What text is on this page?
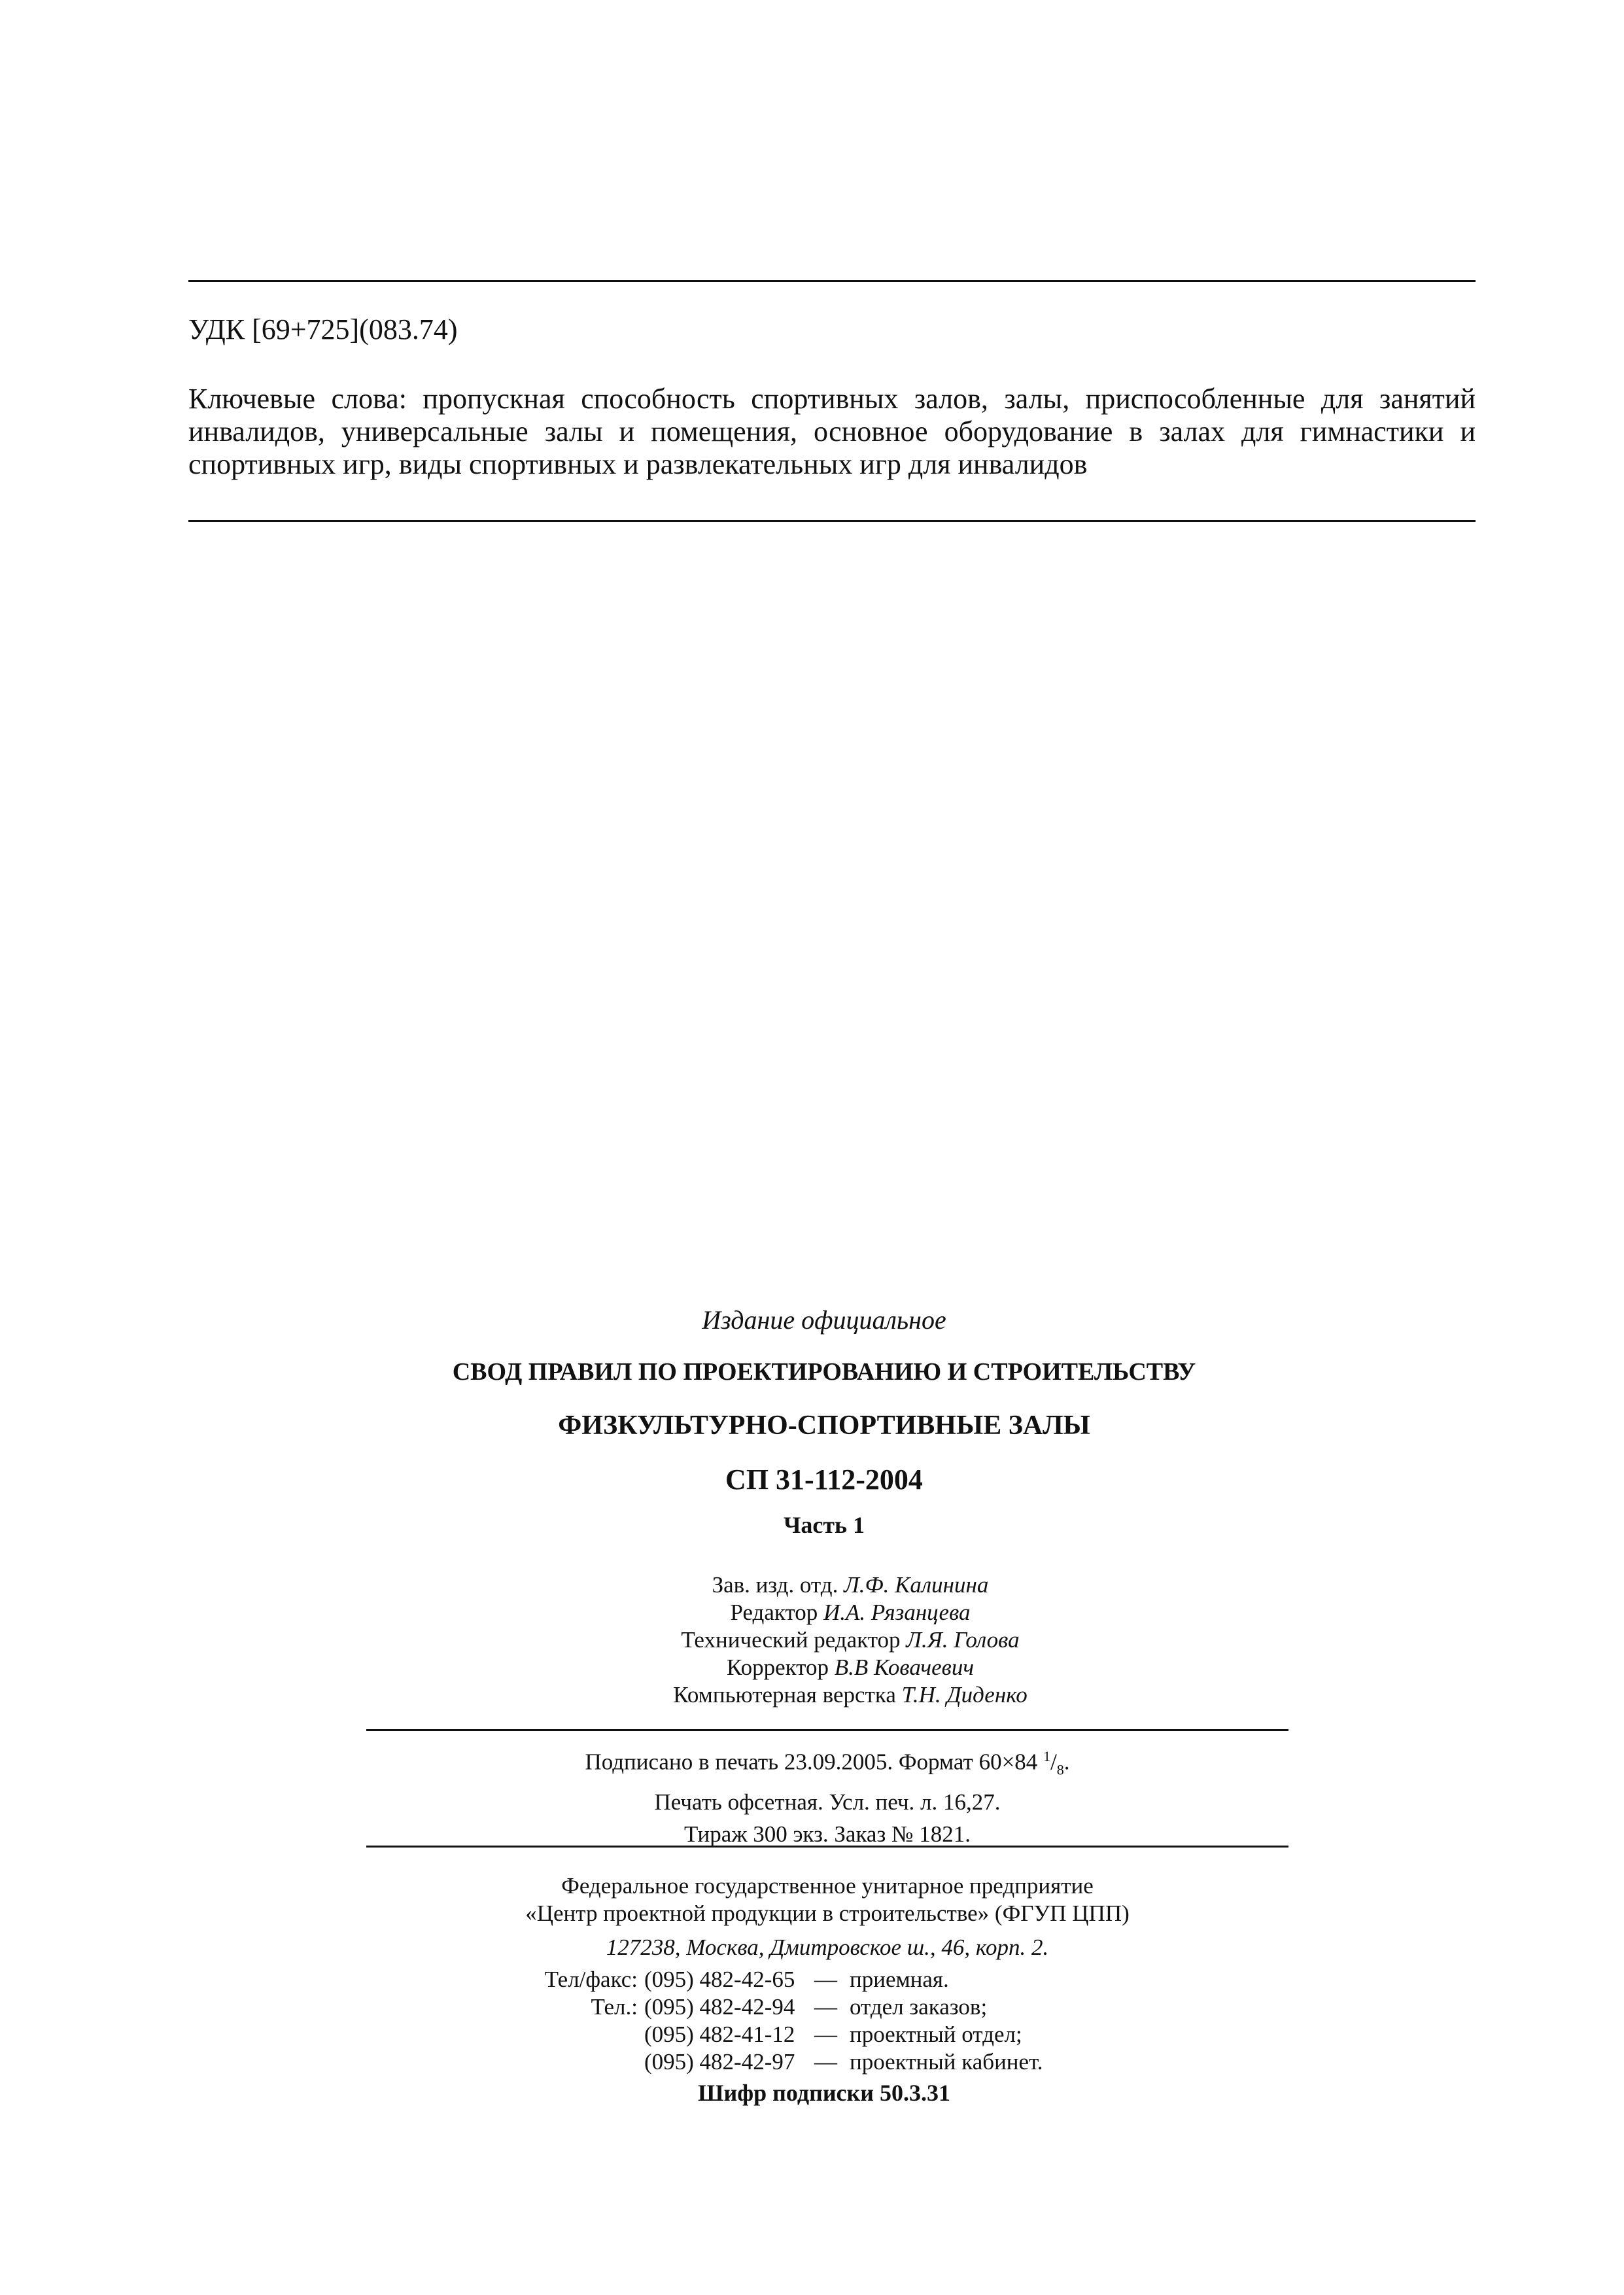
УДК [69+725](083.74)
Ключевые слова: пропускная способность спортивных залов, залы, приспособленные для занятий инвалидов, универсальные залы и помещения, основное оборудование в залах для гимнастики и спортивных игр, виды спортивных и развлекательных игр для инвалидов
Издание официальное
СВОД ПРАВИЛ ПО ПРОЕКТИРОВАНИЮ И СТРОИТЕЛЬСТВУ
ФИЗКУЛЬТУРНО-СПОРТИВНЫЕ ЗАЛЫ
СП 31-112-2004
Часть 1
Зав. изд. отд. Л.Ф. Калинина
Редактор И.А. Рязанцева
Технический редактор Л.Я. Голова
Корректор В.В Ковачевич
Компьютерная верстка Т.Н. Диденко
Подписано в печать 23.09.2005. Формат 60×84 $^1/_8$.
Печать офсетная. Усл. печ. л. 16,27.
Тираж 300 экз. Заказ № 1821.
Федеральное государственное унитарное предприятие
«Центр проектной продукции в строительстве» (ФГУП ЦПП)
127238, Москва, Дмитровское ш., 46, корп. 2.
Тел/факс: (095) 482-42-65 — приемная.
Тел.: (095) 482-42-94 — отдел заказов;
(095) 482-41-12 — проектный отдел;
(095) 482-42-97 — проектный кабинет.
Шифр подписки 50.3.31
